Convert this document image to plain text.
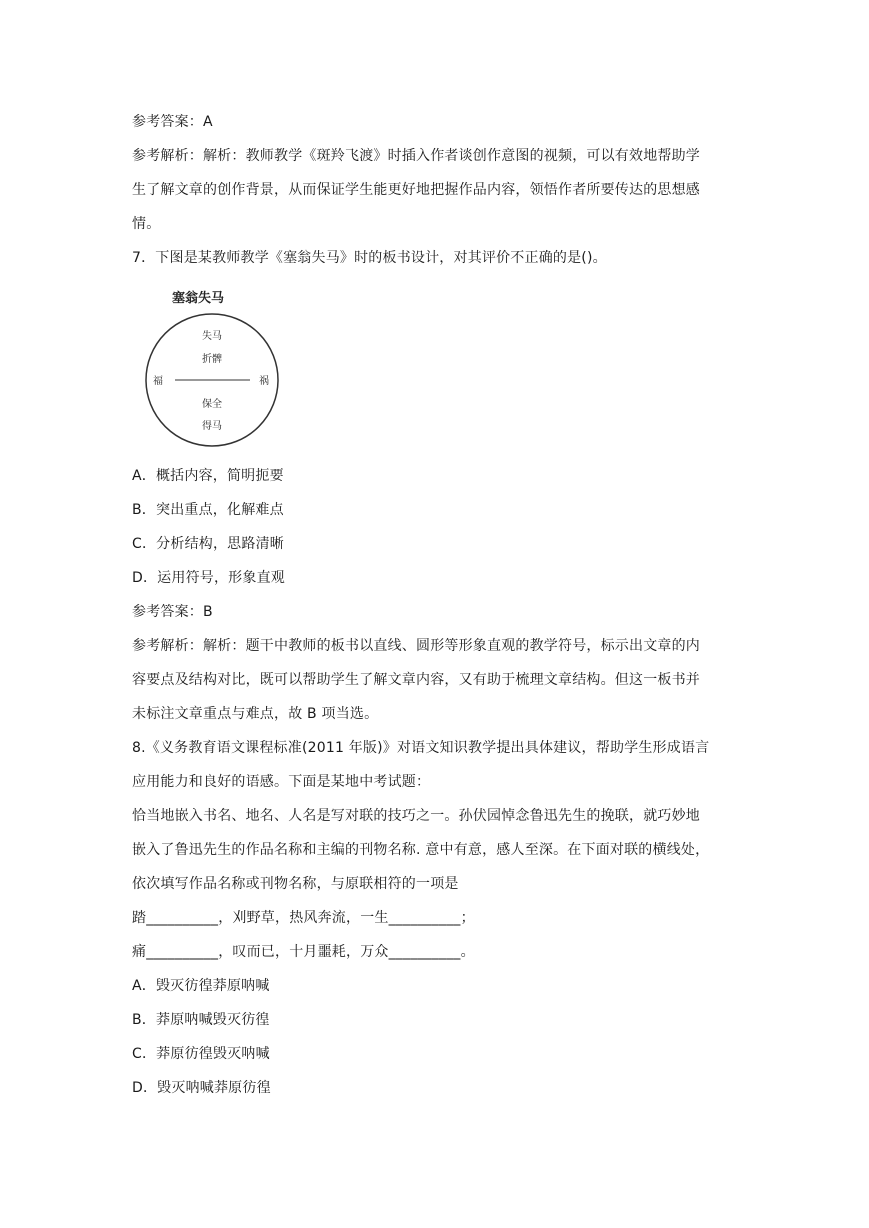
参考答案：A
参考解析：解析：教师教学《斑羚飞渡》时插入作者谈创作意图的视频，可以有效地帮助学
生了解文章的创作背景，从而保证学生能更好地把握作品内容，领悟作者所要传达的思想感
情。
7．下图是某教师教学《塞翁失马》时的板书设计，对其评价不正确的是()。
塞翁失马
失马
折髀
保全
得马
福	祸
A．概括内容，简明扼要
B．突出重点，化解难点
C．分析结构，思路清晰
D．运用符号，形象直观
参考答案：B
参考解析：解析：题干中教师的板书以直线、圆形等形象直观的教学符号，标示出文章的内
容要点及结构对比，既可以帮助学生了解文章内容，又有助于梳理文章结构。但这一板书并
未标注文章重点与难点，故 B 项当选。
8.《义务教育语文课程标准(2011 年版)》对语文知识教学提出具体建议，帮助学生形成语言
应用能力和良好的语感。下面是某地中考试题：
恰当地嵌入书名、地名、人名是写对联的技巧之一。孙伏园悼念鲁迅先生的挽联，就巧妙地
嵌入了鲁迅先生的作品名称和主编的刊物名称. 意中有意，感人至深。在下面对联的横线处，
依次填写作品名称或刊物名称，与原联相符的一项是
踏__________，刈野草，热风奔流，一生__________；
痛__________，叹而已，十月噩耗，万众__________。
A．毁灭彷徨莽原呐喊
B．莽原呐喊毁灭彷徨
C．莽原彷徨毁灭呐喊
D．毁灭呐喊莽原彷徨
